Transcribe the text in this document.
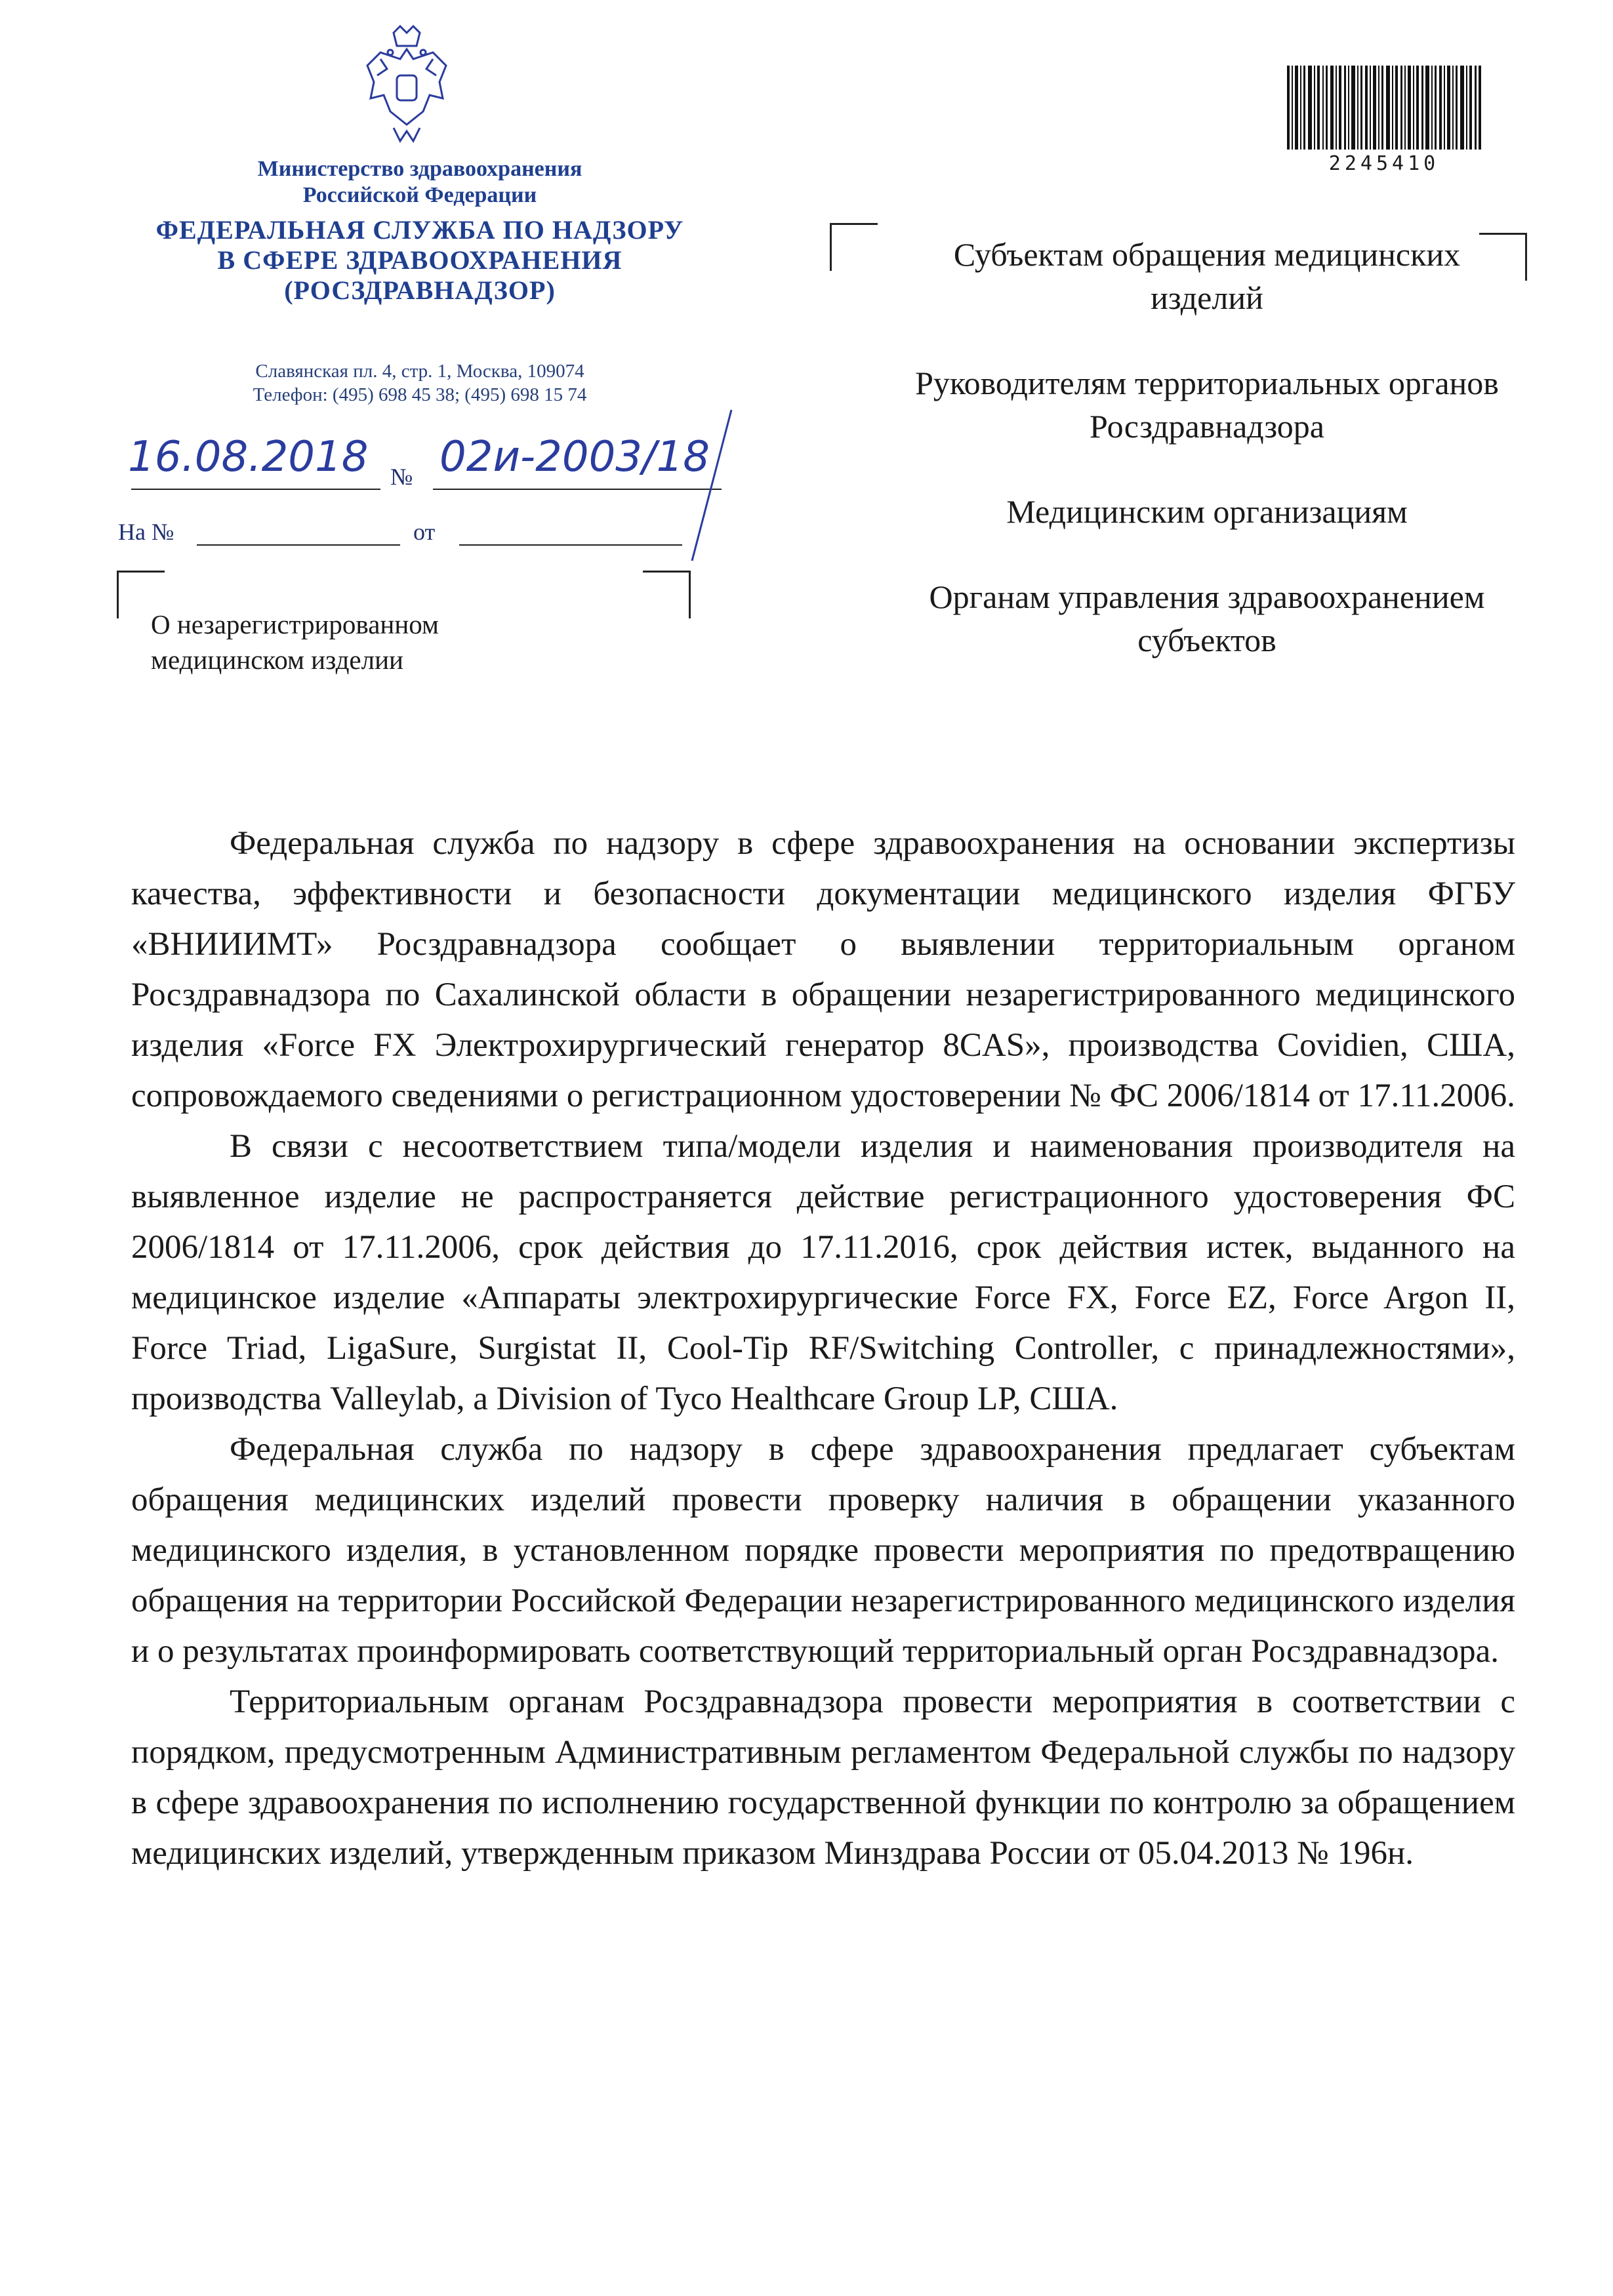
Министерство здравоохранения
Российской Федерации
ФЕДЕРАЛЬНАЯ СЛУЖБА ПО НАДЗОРУ
В СФЕРЕ ЗДРАВООХРАНЕНИЯ
(РОСЗДРАВНАДЗОР)
Славянская пл. 4, стр. 1, Москва, 109074
Телефон: (495) 698 45 38; (495) 698 15 74
2245410
16.08.2018 № 02и-2003/18
На №	от
О незарегистрированном медицинском изделии

Субъектам обращения медицинских изделий

Руководителям территориальных органов Росздравнадзора

Медицинским организациям

Органам управления здравоохранением субъектов

Федеральная служба по надзору в сфере здравоохранения на основании экспертизы качества, эффективности и безопасности документации медицинского изделия ФГБУ «ВНИИИМТ» Росздравнадзора сообщает о выявлении территориальным органом Росздравнадзора по Сахалинской области в обращении незарегистрированного медицинского изделия «Force FX Электрохирургический генератор 8CAS», производства Covidien, США, сопровождаемого сведениями о регистрационном удостоверении № ФС 2006/1814 от 17.11.2006.

В связи с несоответствием типа/модели изделия и наименования производителя на выявленное изделие не распространяется действие регистрационного удостоверения ФС 2006/1814 от 17.11.2006, срок действия до 17.11.2016, срок действия истек, выданного на медицинское изделие «Аппараты электрохирургические Force FX, Force EZ, Force Argon II, Force Triad, LigaSure, Surgistat II, Cool-Tip RF/Switching Controller, с принадлежностями», производства Valleylab, a Division of Tyco Healthcare Group LP, США.

Федеральная служба по надзору в сфере здравоохранения предлагает субъектам обращения медицинских изделий провести проверку наличия в обращении указанного медицинского изделия, в установленном порядке провести мероприятия по предотвращению обращения на территории Российской Федерации незарегистрированного медицинского изделия и о результатах проинформировать соответствующий территориальный орган Росздравнадзора.

Территориальным органам Росздравнадзора провести мероприятия в соответствии с порядком, предусмотренным Административным регламентом Федеральной службы по надзору в сфере здравоохранения по исполнению государственной функции по контролю за обращением медицинских изделий, утвержденным приказом Минздрава России от 05.04.2013 № 196н.
